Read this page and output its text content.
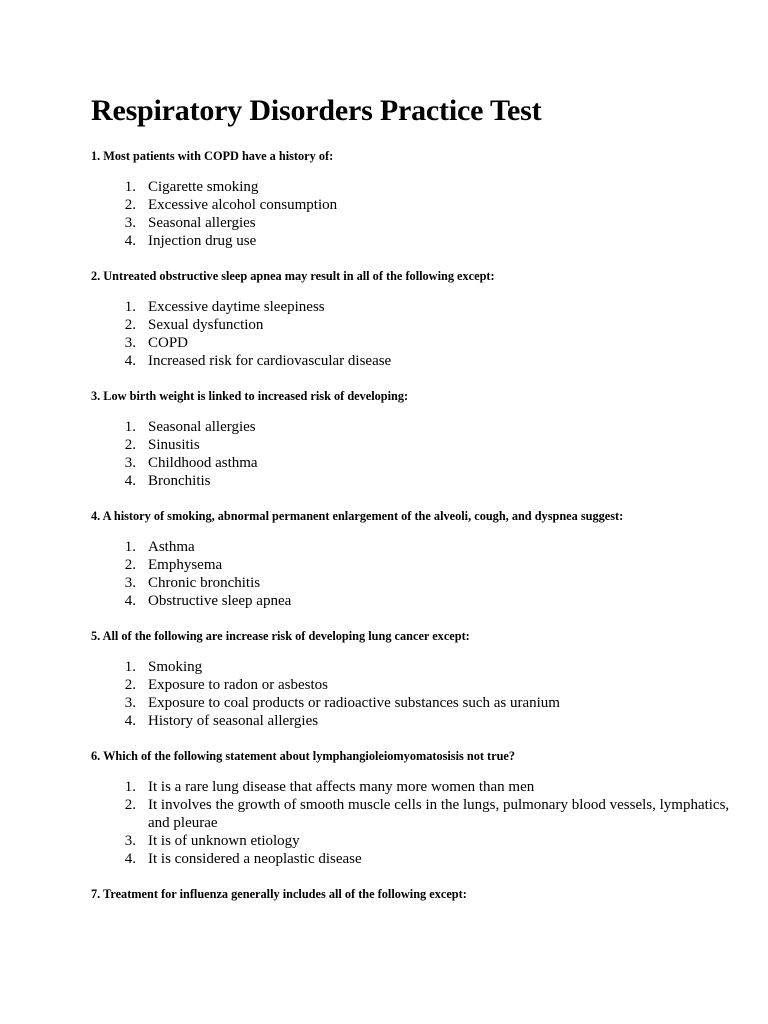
Respiratory Disorders Practice Test

1. Most patients with COPD have a history of:

1. Cigarette smoking
2. Excessive alcohol consumption
3. Seasonal allergies
4. Injection drug use

2. Untreated obstructive sleep apnea may result in all of the following except:

1. Excessive daytime sleepiness
2. Sexual dysfunction
3. COPD
4. Increased risk for cardiovascular disease

3. Low birth weight is linked to increased risk of developing:

1. Seasonal allergies
2. Sinusitis
3. Childhood asthma
4. Bronchitis

4. A history of smoking, abnormal permanent enlargement of the alveoli, cough, and dyspnea suggest:

1. Asthma
2. Emphysema
3. Chronic bronchitis
4. Obstructive sleep apnea

5. All of the following are increase risk of developing lung cancer except:

1. Smoking
2. Exposure to radon or asbestos
3. Exposure to coal products or radioactive substances such as uranium
4. History of seasonal allergies

6. Which of the following statement about lymphangioleiomyomatosisis not true?

1. It is a rare lung disease that affects many more women than men
2. It involves the growth of smooth muscle cells in the lungs, pulmonary blood vessels, lymphatics, and pleurae
3. It is of unknown etiology
4. It is considered a neoplastic disease

7. Treatment for influenza generally includes all of the following except:
